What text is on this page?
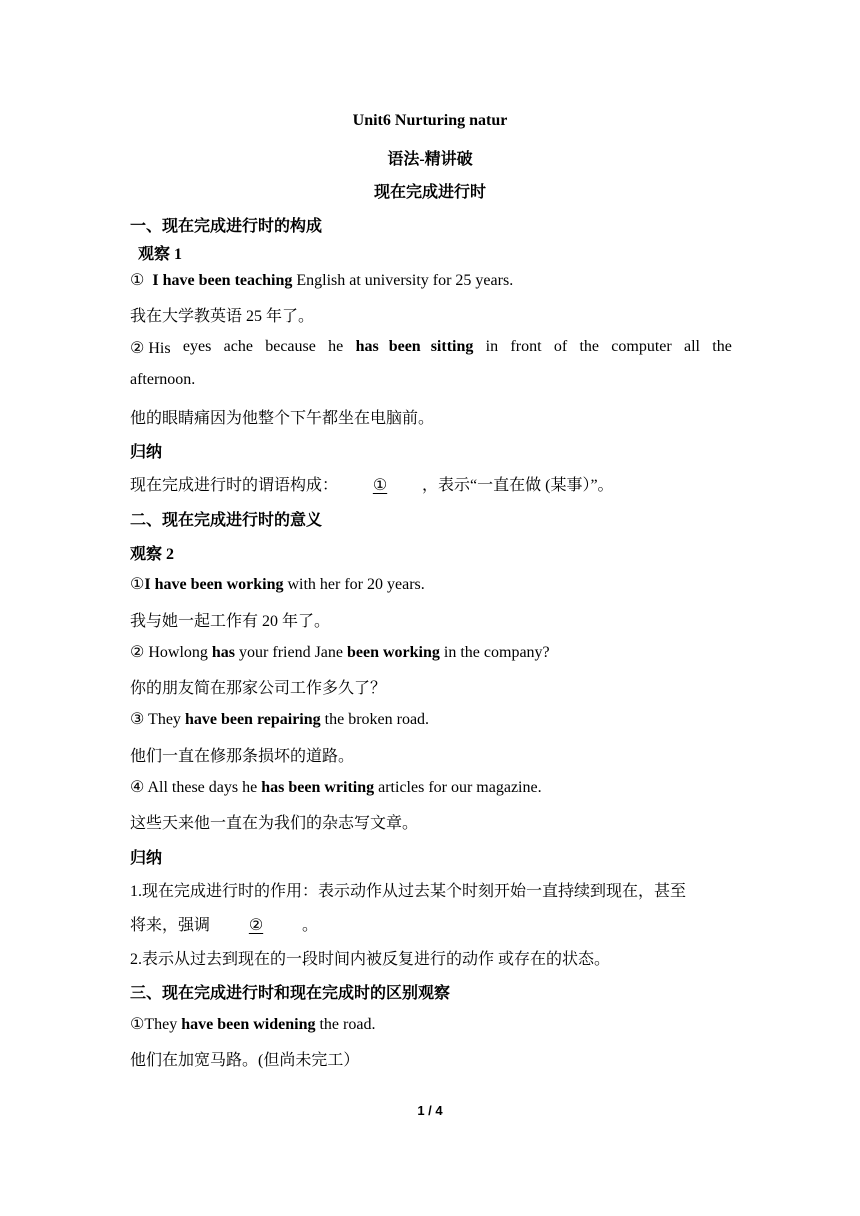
Unit6 Nurturing natur
语法-精讲破
现在完成进行时
一、现在完成进行时的构成
观察 1
① I have been teaching English at university for 25 years.
我在大学教英语 25 年了。
② His eyes ache because he has been sitting in front of the computer all the
afternoon.
他的眼睛痛因为他整个下午都坐在电脑前。
归纳
现在完成进行时的谓语构成： ① ，表示“一直在做 (某事）”。
二、现在完成进行时的意义
观察 2
①I have been working with her for 20 years.
我与她一起工作有 20 年了。
② Howlong has your friend Jane been working in the company?
你的朋友简在那家公司工作多久了？
③ They have been repairing the broken road.
他们一直在修那条损坏的道路。
④ All these days he has been writing articles for our magazine.
这些天来他一直在为我们的杂志写文章。
归纳
1.现在完成进行时的作用：表示动作从过去某个时刻开始一直持续到现在，甚至
将来，强调 ② 。
2.表示从过去到现在的一段时间内被反复进行的动作 或存在的状态。
三、现在完成进行时和现在完成时的区别观察
①They have been widening the road.
他们在加宽马路。(但尚未完工）
1 / 4
